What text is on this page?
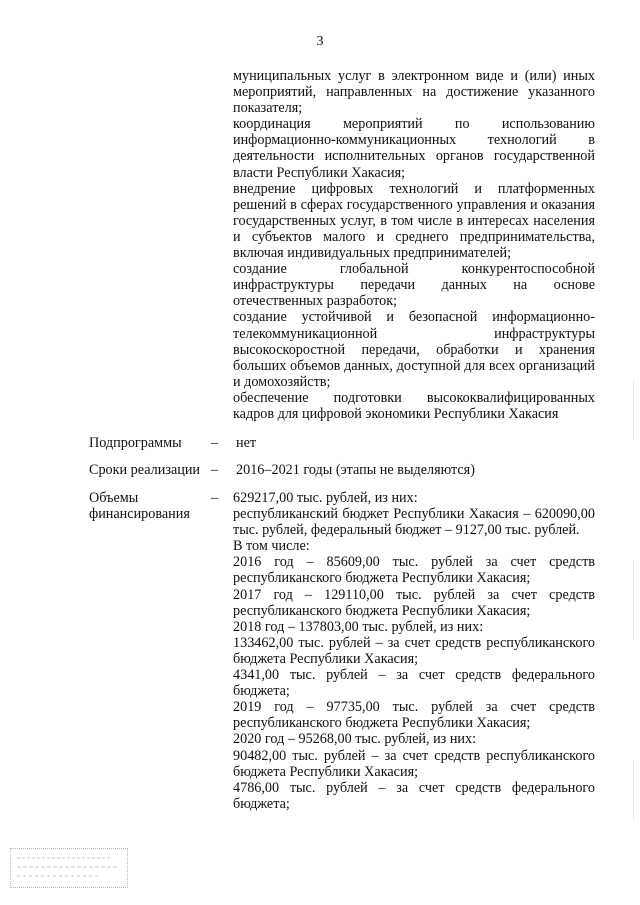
3

муниципальных услуг в электронном виде и (или) иных мероприятий, направленных на достижение указанного показателя;

координация мероприятий по использованию информационно-коммуникационных технологий в деятельности исполнительных органов государственной власти Республики Хакасия;

внедрение цифровых технологий и платформенных решений в сферах государственного управления и оказания государственных услуг, в том числе в интересах населения и субъектов малого и среднего предпринимательства, включая индивидуальных предпринимателей;

создание глобальной конкурентоспособной инфраструктуры передачи данных на основе отечественных разработок;

создание устойчивой и безопасной информационно-телекоммуникационной инфраструктуры высокоскоростной передачи, обработки и хранения больших объемов данных, доступной для всех организаций и домохозяйств;

обеспечение подготовки высококвалифицированных кадров для цифровой экономики Республики Хакасия

Подпрограммы	– нет
Сроки реализации – 2016–2021 годы (этапы не выделяются)
Объемы финансирования
– 629217,00 тыс. рублей, из них:

республиканский бюджет Республики Хакасия – 620090,00 тыс. рублей, федеральный бюджет – 9127,00 тыс. рублей.

В том числе:

2016 год – 85609,00 тыс. рублей за счет средств республиканского бюджета Республики Хакасия;

2017 год – 129110,00 тыс. рублей за счет средств республиканского бюджета Республики Хакасия;

2018 год – 137803,00 тыс. рублей, из них:

133462,00 тыс. рублей – за счет средств республиканского бюджета Республики Хакасия;

4341,00 тыс. рублей – за счет средств федерального бюджета;

2019 год – 97735,00 тыс. рублей за счет средств республиканского бюджета Республики Хакасия;

2020 год – 95268,00 тыс. рублей, из них:

90482,00 тыс. рублей – за счет средств республиканского бюджета Республики Хакасия;

4786,00 тыс. рублей – за счет средств федерального бюджета;
